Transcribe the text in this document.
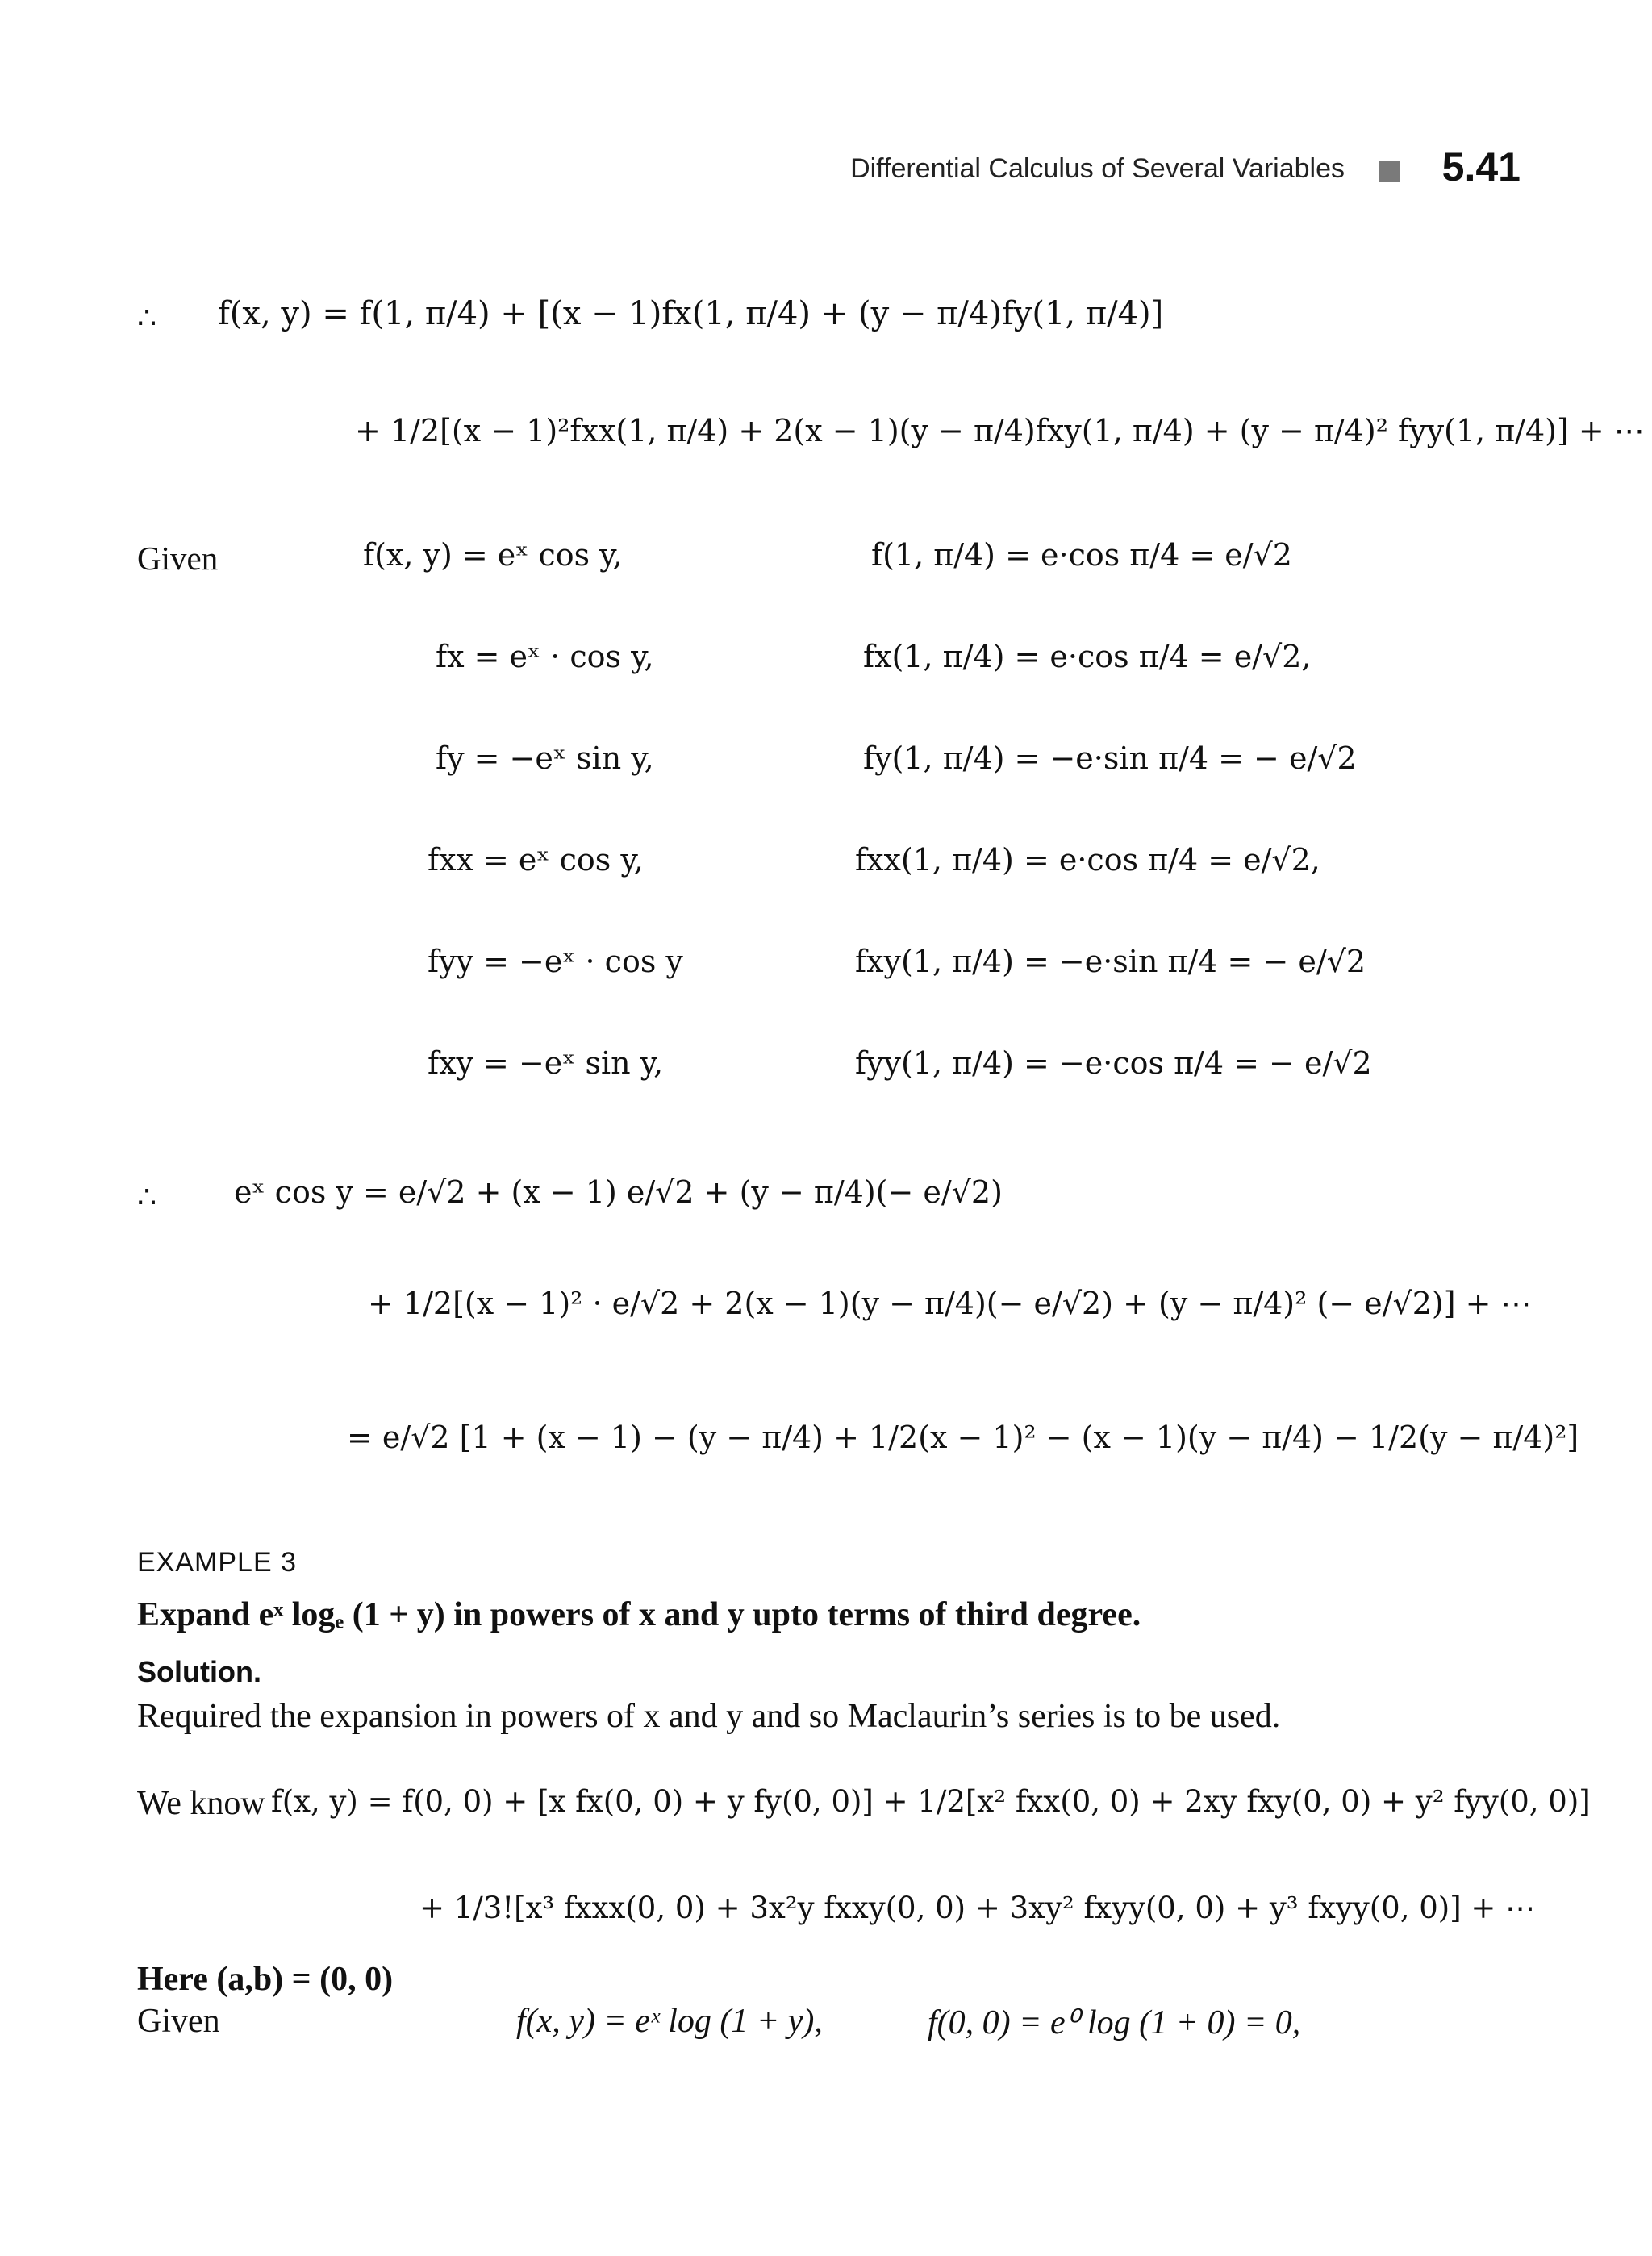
Differential Calculus of Several Variables 5.41
∴ f(x, y) = f(1, π/4) + [(x − 1)fx(1, π/4) + (y − π/4)fy(1, π/4)]
+ 1/2[(x − 1)²fxx(1, π/4) + 2(x − 1)(y − π/4)fxy(1, π/4) + (y − π/4)² fyy(1, π/4)] + ⋯
Given	f(x, y) = eˣ cos y,	f(1, π/4) = e·cos π/4 = e/√2
fx = eˣ · cos y,	fx(1, π/4) = e·cos π/4 = e/√2,
fy = −eˣ sin y,	fy(1, π/4) = −e·sin π/4 = − e/√2
fxx = eˣ cos y,	fxx(1, π/4) = e·cos π/4 = e/√2,
fyy = −eˣ · cos y	fxy(1, π/4) = −e·sin π/4 = − e/√2
fxy = −eˣ sin y,	fyy(1, π/4) = −e·cos π/4 = − e/√2
∴	eˣ cos y = e/√2 + (x − 1) e/√2 + (y − π/4)(− e/√2)
+ 1/2[(x − 1)² · e/√2 + 2(x − 1)(y − π/4)(− e/√2) + (y − π/4)² (− e/√2)] + ⋯
= e/√2 [1 + (x − 1) − (y − π/4) + 1/2(x − 1)² − (x − 1)(y − π/4) − 1/2(y − π/4)²]
EXAMPLE 3
Expand eˣ logₑ (1 + y) in powers of x and y upto terms of third degree.
Solution.
Required the expansion in powers of x and y and so Maclaurin’s series is to be used.
We know f(x, y) = f(0, 0) + [x fx(0, 0) + y fy(0, 0)] + 1/2[x² fxx(0, 0) + 2xy fxy(0, 0) + y² fyy(0, 0)]
+ 1/3![x³ fxxx(0, 0) + 3x²y fxxy(0, 0) + 3xy² fxyy(0, 0) + y³ fxyy(0, 0)] + ⋯
Here (a,b) = (0, 0)
Given	f(x, y) = eˣ log (1 + y),	f(0, 0) = e⁰ log (1 + 0) = 0,
